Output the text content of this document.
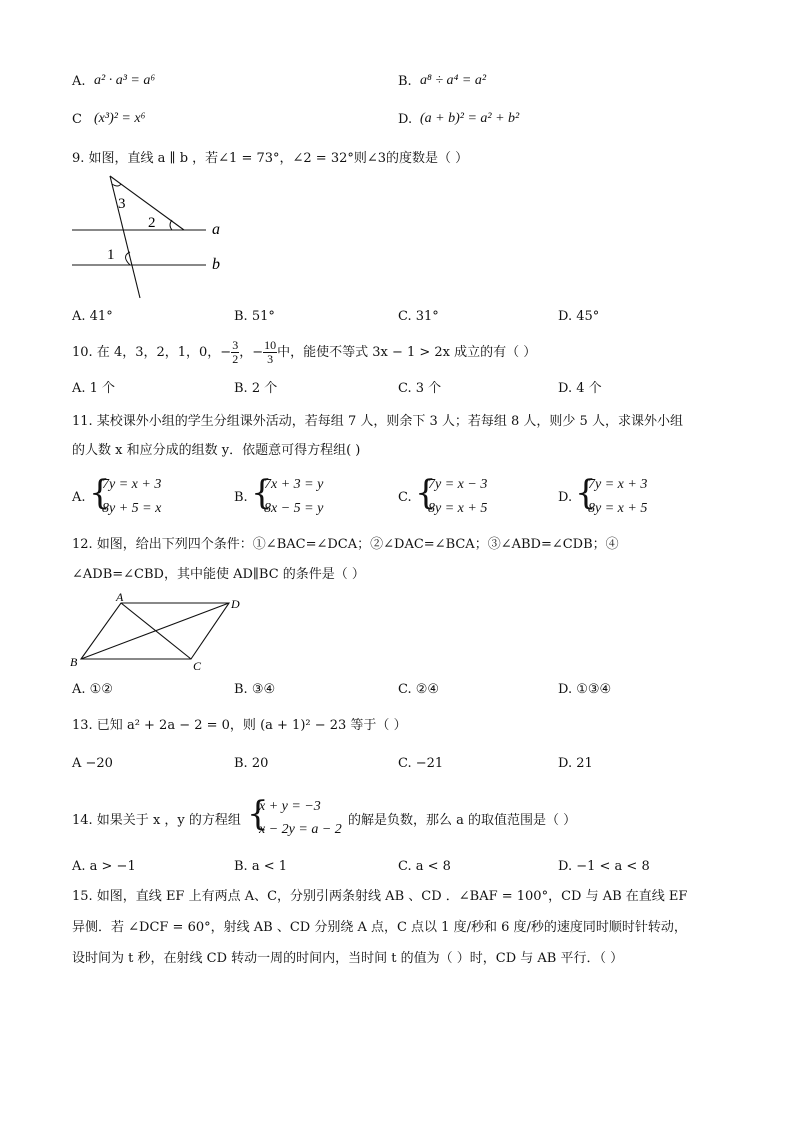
A. a² · a³ = a⁶	B. a⁸ ÷ a⁴ = a²
C (x³)² = x⁶	D. (a + b)² = a² + b²
9. 如图，直线 a ∥ b ，若∠1 = 73°，∠2 = 32°则∠3的度数是（ ）
1
2
3
a
b
A. 41°	B. 51°	C. 31°	D. 45°
10. 在 4，3，2，1，0，− $\frac{3}{2}$ ，− $\frac{10}{3}$ 中，能使不等式 3x − 1 > 2x 成立的有（ ）
A. 1 个	B. 2 个	C. 3 个	D. 4 个
11. 某校课外小组的学生分组课外活动，若每组 7 人，则余下 3 人；若每组 8 人，则少 5 人，求课外小组
的人数 x 和应分成的组数 y．依题意可得方程组( )
A. {
7y = x + 3
8y + 5 = x
B. {
7x + 3 = y
8x − 5 = y
C. {
7y = x − 3
8y = x + 5
D. {
7y = x + 3
8y = x + 5
12. 如图，给出下列四个条件：①∠BAC=∠DCA；②∠DAC=∠BCA；③∠ABD=∠CDB；④
∠ADB=∠CBD，其中能使 AD∥BC 的条件是（ ）
A	D
B	C
A. ①②	B. ③④	C. ②④	D. ①③④
13. 已知 a² + 2a − 2 = 0，则 (a + 1)² − 23 等于（ ）
A −20	B. 20	C. −21	D. 21
14. 如果关于 x ，y 的方程组 {
x + y = −3
x − 2y = a − 2
的解是负数，那么 a 的取值范围是（ ）
A. a > −1	B. a < 1	C. a < 8	D. −1 < a < 8
15. 如图，直线 EF 上有两点 A、C，分别引两条射线 AB 、CD ．∠BAF = 100°，CD 与 AB 在直线 EF
异侧．若 ∠DCF = 60°，射线 AB 、CD 分别绕 A 点，C 点以 1 度/秒和 6 度/秒的速度同时顺时针转动，
设时间为 t 秒，在射线 CD 转动一周的时间内，当时间 t 的值为（ ）时，CD 与 AB 平行．（ ）
